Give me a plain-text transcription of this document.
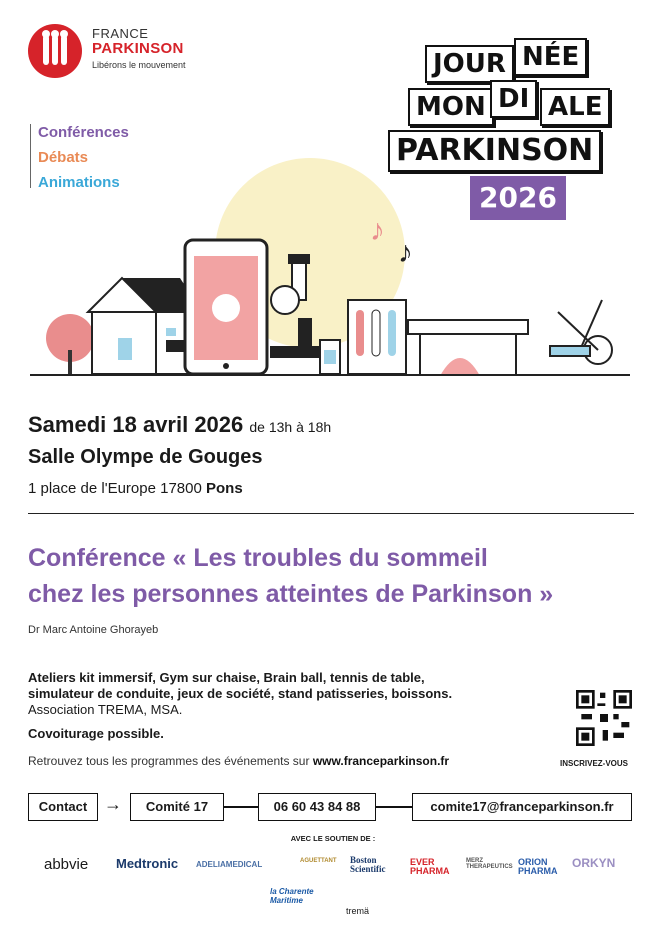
FRANCE
PARKINSON
Libérons le mouvement
Conférences
Débats
Animations
JOUR NÉE
MON DI ALE
PARKINSON
2026
♪
♪
Samedi 18 avril 2026 de 13h à 18h
Salle Olympe de Gouges
1 place de l'Europe 17800 Pons
Conférence « Les troubles du sommeil
chez les personnes atteintes de Parkinson »
Dr Marc Antoine Ghorayeb
Ateliers kit immersif, Gym sur chaise, Brain ball, tennis de table,
simulateur de conduite, jeux de société, stand patisseries, boissons.
Association TREMA, MSA.
Covoiturage possible.
Retrouvez tous les programmes des événements sur www.franceparkinson.fr	INSCRIVEZ-VOUS
Contact →	Comité 17	06 60 43 84 88	comite17@franceparkinson.fr
AVEC LE SOUTIEN DE :
abbvie Medtronic ADELIAMEDICAL	AGUETTANT	Boston Scientific
EVER PHARMA
MERZ THERAPEUTICS ORION PHARMA
ORKYN
la Charente Maritime
tremä
